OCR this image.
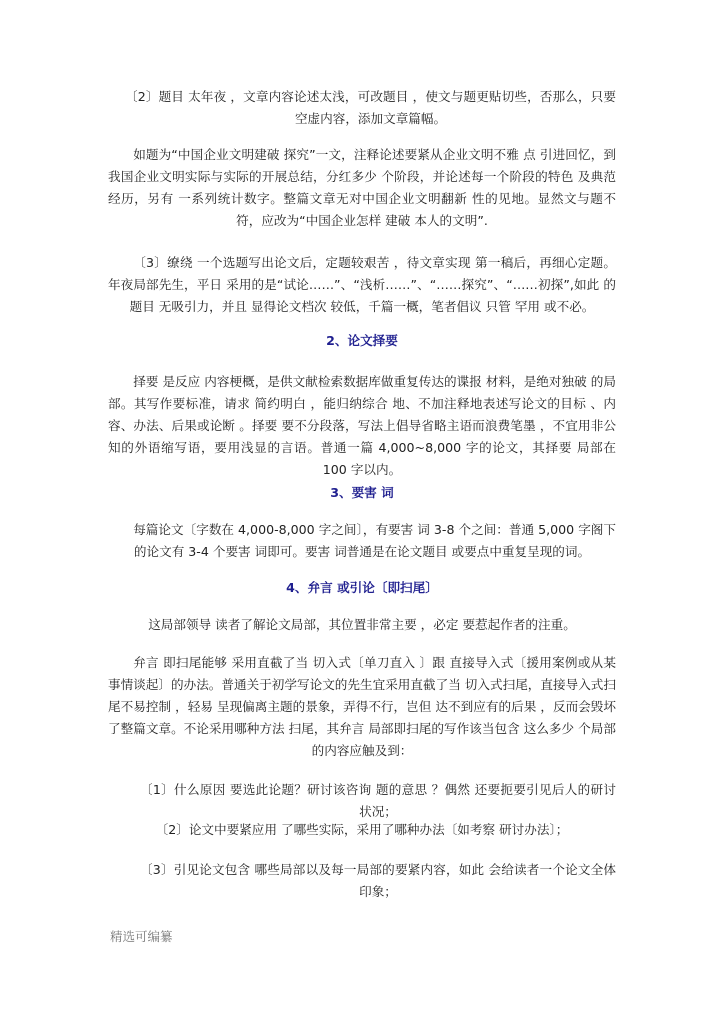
〔2〕题目 太年夜 ，文章内容论述太浅，可改题目 ，使文与题更贴切些，否那么，只要空虚内容，添加文章篇幅。
如题为“中国企业文明建破 探究”一文，注释论述要紧从企业文明不雅 点 引进回忆，到我国企业文明实际与实际的开展总结，分红多少 个阶段，并论述每一个阶段的特色 及典范 经历，另有 一系列统计数字。整篇文章无对中国企业文明翻新 性的见地。显然文与题不符，应改为“中国企业怎样 建破 本人的文明”.
〔3〕缭绕 一个选题写出论文后，定题较艰苦 ，待文章实现 第一稿后，再细心定题。年夜局部先生，平日 采用的是“试论……”、“浅析……”、“……探究”、“……初探”,如此 的题目 无吸引力，并且 显得论文档次 较低，千篇一概，笔者倡议 只管 罕用 或不必。
2、论文择要
择要 是反应 内容梗概，是供文献检索数据库做重复传达的谍报 材料，是绝对独破 的局部。其写作要标准，请求 简约明白 ，能归纳综合 地、不加注释地表述写论文的目标 、内容、办法、后果或论断 。择要 要不分段落，写法上倡导省略主语而浪费笔墨 ，不宜用非公知的外语缩写语，要用浅显的言语。普通一篇 4,000~8,000 字的论文，其择要 局部在 100 字以内。
3、要害 词
每篇论文〔字数在 4,000-8,000 字之间〕，有要害 词 3-8 个之间：普通 5,000 字阁下的论文有 3-4 个要害 词即可。要害 词普通是在论文题目 或要点中重复呈现的词。
4、弁言 或引论〔即扫尾〕
这局部领导 读者了解论文局部，其位置非常主要 ，必定 要惹起作者的注重。
弁言 即扫尾能够 采用直截了当 切入式〔单刀直入 〕跟 直接导入式〔援用案例或从某事情谈起〕的办法。普通关于初学写论文的先生宜采用直截了当 切入式扫尾，直接导入式扫尾不易控制 ，轻易 呈现偏离主题的景象，弄得不行，岂但 达不到应有的后果 ，反而会毁坏了整篇文章。不论采用哪种方法 扫尾，其弁言 局部即扫尾的写作该当包含 这么多少 个局部的内容应触及到：
〔1〕什么原因 要选此论题？研讨该咨询 题的意思 ？偶然 还要扼要引见后人的研讨状况；
〔2〕论文中要紧应用 了哪些实际，采用了哪种办法〔如考察 研讨办法〕；
〔3〕引见论文包含 哪些局部以及每一局部的要紧内容，如此 会给读者一个论文全体印象；
精选可编纂
